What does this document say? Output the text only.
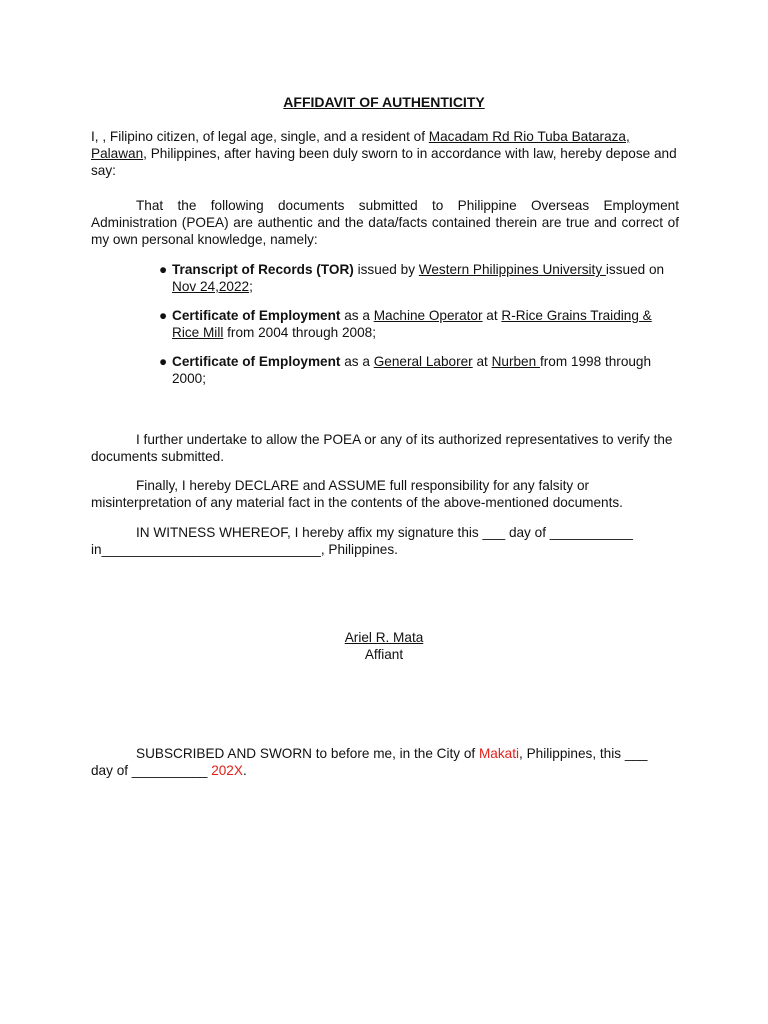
AFFIDAVIT OF AUTHENTICITY

I, , Filipino citizen, of legal age, single, and a resident of Macadam Rd Rio Tuba Bataraza, Palawan, Philippines, after having been duly sworn to in accordance with law, hereby depose and say:

That the following documents submitted to Philippine Overseas Employment Administration (POEA) are authentic and the data/facts contained therein are true and correct of my own personal knowledge, namely:

● Transcript of Records (TOR) issued by Western Philippines University issued on Nov 24,2022;
● Certificate of Employment as a Machine Operator at R-Rice Grains Traiding & Rice Mill from 2004 through 2008;
● Certificate of Employment as a General Laborer at Nurben from 1998 through 2000;

I further undertake to allow the POEA or any of its authorized representatives to verify the documents submitted.

Finally, I hereby DECLARE and ASSUME full responsibility for any falsity or misinterpretation of any material fact in the contents of the above-mentioned documents.

IN WITNESS WHEREOF, I hereby affix my signature this ___ day of ___________
in_____________________________, Philippines.
Ariel R. Mata
Affiant

SUBSCRIBED AND SWORN to before me, in the City of Makati, Philippines, this ___ day of __________ 202X.
